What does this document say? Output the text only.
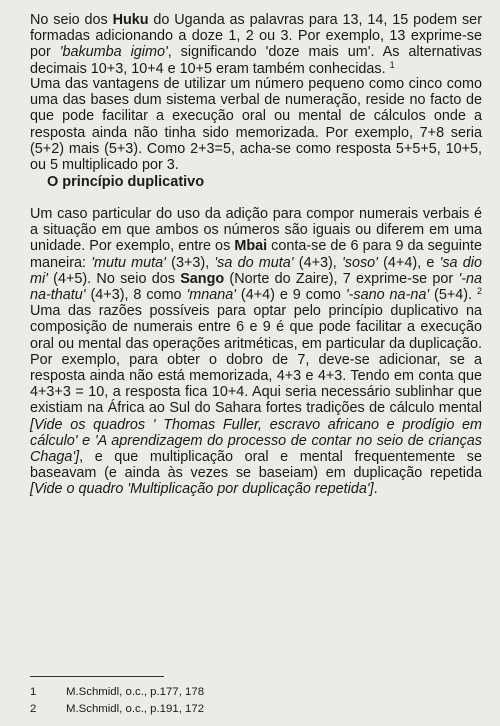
No seio dos Huku do Uganda as palavras para 13, 14, 15 podem ser formadas adicionando a doze 1, 2 ou 3. Por exemplo, 13 exprime-se por 'bakumba igimo', significando 'doze mais um'. As alternativas decimais 10+3, 10+4 e 10+5 eram também conhecidas. $^1$

Uma das vantagens de utilizar um número pequeno como cinco como uma das bases dum sistema verbal de numeração, reside no facto de que pode facilitar a execução oral ou mental de cálculos onde a resposta ainda não tinha sido memorizada. Por exemplo, 7+8 seria (5+2) mais (5+3). Como 2+3=5, acha-se como resposta 5+5+5, 10+5, ou 5 multiplicado por 3.

O princípio duplicativo

Um caso particular do uso da adição para compor numerais verbais é a situação em que ambos os números são iguais ou diferem em uma unidade. Por exemplo, entre os Mbai conta-se de 6 para 9 da seguinte maneira: 'mutu muta' (3+3), 'sa do muta' (4+3), 'soso' (4+4), e 'sa dio mi' (4+5). No seio dos Sango (Norte do Zaire), 7 exprime-se por '-na na-thatu' (4+3), 8 como 'mnana' (4+4) e 9 como '-sano na-na' (5+4). $^2$ Uma das razões possíveis para optar pelo princípio duplicativo na composição de numerais entre 6 e 9 é que pode facilitar a execução oral ou mental das operações aritméticas, em particular da duplicação. Por exemplo, para obter o dobro de 7, deve-se adicionar, se a resposta ainda não está memorizada, 4+3 e 4+3. Tendo em conta que 4+3+3 = 10, a resposta fica 10+4. Aqui seria necessário sublinhar que existiam na África ao Sul do Sahara fortes tradições de cálculo mental [Vide os quadros ' Thomas Fuller, escravo africano e prodígio em cálculo' e 'A aprendizagem do processo de contar no seio de crianças Chaga'], e que multiplicação oral e mental frequentemente se baseavam (e ainda às vezes se baseiam) em duplicação repetida [Vide o quadro 'Multiplicação por duplicação repetida'].

1	M.Schmidl, o.c., p.177, 178
2	M.Schmidl, o.c., p.191, 172
